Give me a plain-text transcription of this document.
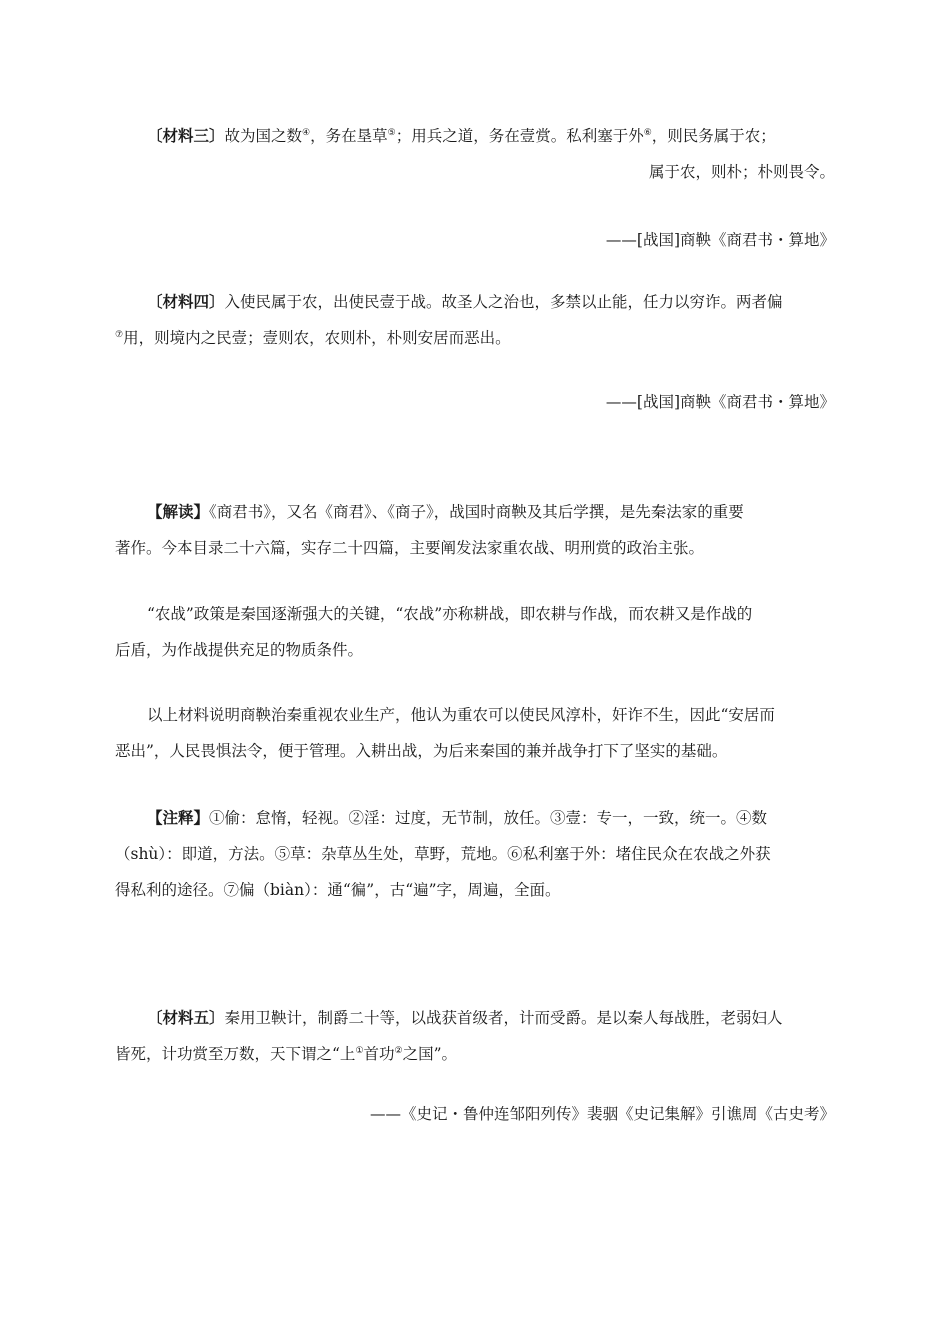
〔材料三〕故为国之数④，务在垦草⑤；用兵之道，务在壹赏。私利塞于外⑥，则民务属于农；
属于农，则朴；朴则畏令。
——[战国]商鞅《商君书・算地》
〔材料四〕入使民属于农，出使民壹于战。故圣人之治也，多禁以止能，任力以穷诈。两者偏
⑦用，则境内之民壹；壹则农，农则朴，朴则安居而恶出。
——[战国]商鞅《商君书・算地》
【解读】《商君书》，又名《商君》、《商子》，战国时商鞅及其后学撰，是先秦法家的重要
著作。今本目录二十六篇，实存二十四篇，主要阐发法家重农战、明刑赏的政治主张。
“农战”政策是秦国逐渐强大的关键，“农战”亦称耕战，即农耕与作战，而农耕又是作战的
后盾，为作战提供充足的物质条件。
以上材料说明商鞅治秦重视农业生产，他认为重农可以使民风淳朴，奸诈不生，因此“安居而
恶出”，人民畏惧法令，便于管理。入耕出战，为后来秦国的兼并战争打下了坚实的基础。
【注释】①偷：怠惰，轻视。②淫：过度，无节制，放任。③壹：专一，一致，统一。④数
（shù）：即道，方法。⑤草：杂草丛生处，草野，荒地。⑥私利塞于外：堵住民众在农战之外获
得私利的途径。⑦偏（biàn）：通“徧”，古“遍”字，周遍，全面。
〔材料五〕秦用卫鞅计，制爵二十等，以战获首级者，计而受爵。是以秦人每战胜，老弱妇人
皆死，计功赏至万数，天下谓之“上①首功②之国”。
——《史记・鲁仲连邹阳列传》裴骃《史记集解》引谯周《古史考》
